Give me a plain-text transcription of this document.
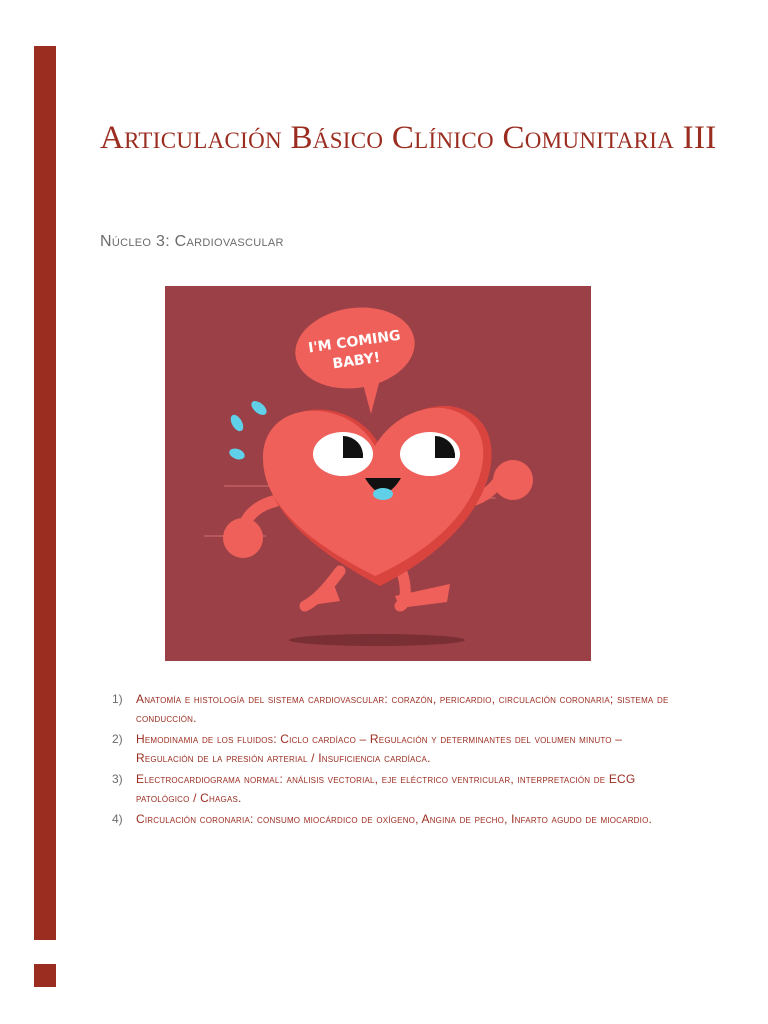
Articulación Básico Clínico Comunitaria III
Núcleo 3: Cardiovascular
I'M COMING
BABY!
1)	Anatomía e histología del sistema cardiovascular: corazón, pericardio, circulación coronaria; sistema de conducción.
2)	Hemodinamia de los fluidos: Ciclo cardíaco – Regulación y determinantes del volumen minuto – Regulación de la presión arterial / Insuficiencia cardíaca.
3)	Electrocardiograma normal: análisis vectorial, eje eléctrico ventricular, interpretación de ECG patológico / Chagas.
4)	Circulación coronaria: consumo miocárdico de oxígeno, Angina de pecho, Infarto agudo de miocardio.
